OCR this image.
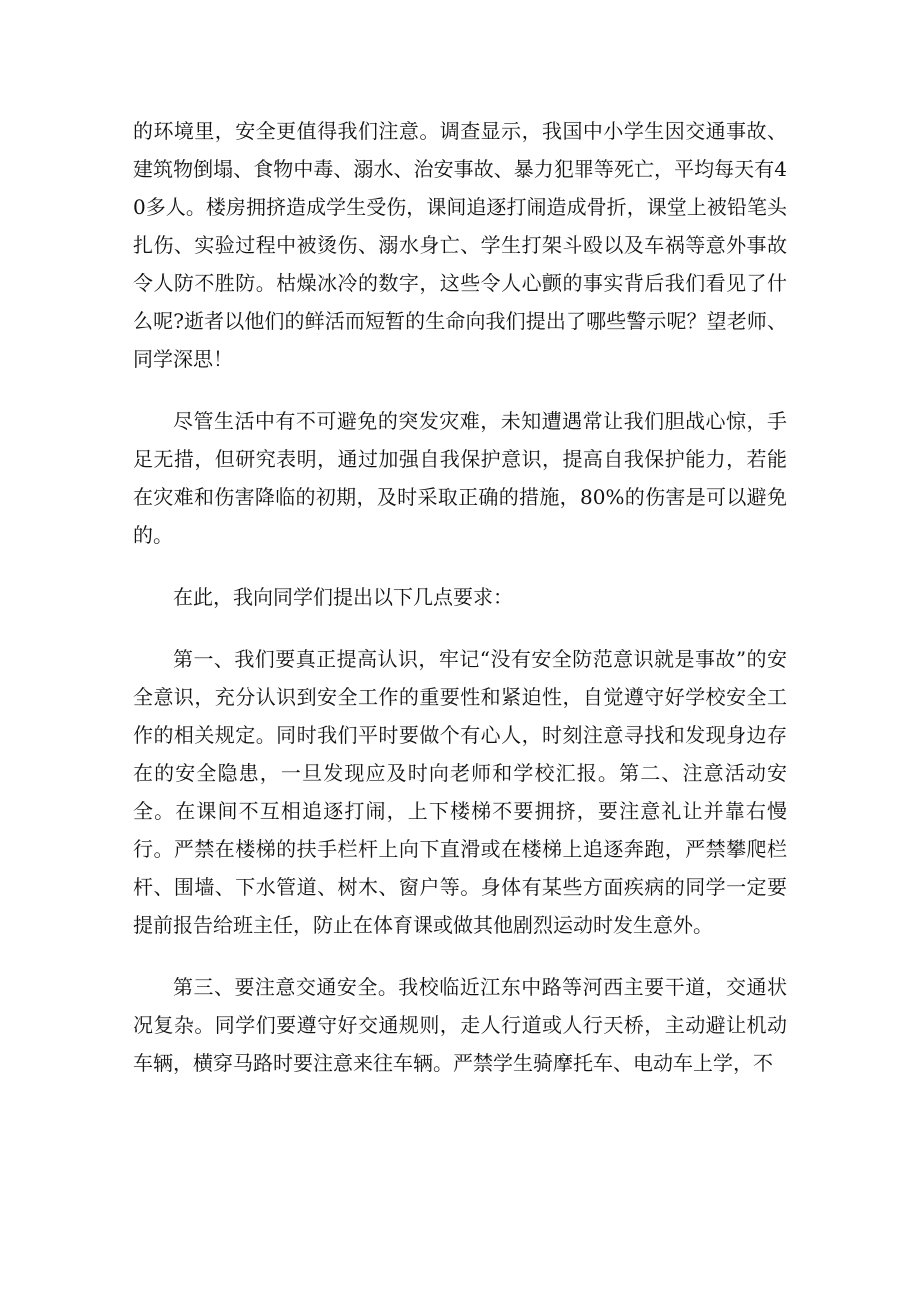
的环境里，安全更值得我们注意。调查显示，我国中小学生因交通事故、建筑物倒塌、食物中毒、溺水、治安事故、暴力犯罪等死亡，平均每天有40多人。楼房拥挤造成学生受伤，课间追逐打闹造成骨折，课堂上被铅笔头扎伤、实验过程中被烫伤、溺水身亡、学生打架斗殴以及车祸等意外事故令人防不胜防。枯燥冰冷的数字，这些令人心颤的事实背后我们看见了什么呢?逝者以他们的鲜活而短暂的生命向我们提出了哪些警示呢？望老师、同学深思！

尽管生活中有不可避免的突发灾难，未知遭遇常让我们胆战心惊，手足无措，但研究表明，通过加强自我保护意识，提高自我保护能力，若能在灾难和伤害降临的初期，及时采取正确的措施，80%的伤害是可以避免的。

在此，我向同学们提出以下几点要求：

第一、我们要真正提高认识，牢记“没有安全防范意识就是事故”的安全意识，充分认识到安全工作的重要性和紧迫性，自觉遵守好学校安全工作的相关规定。同时我们平时要做个有心人，时刻注意寻找和发现身边存在的安全隐患，一旦发现应及时向老师和学校汇报。第二、注意活动安全。在课间不互相追逐打闹，上下楼梯不要拥挤，要注意礼让并靠右慢行。严禁在楼梯的扶手栏杆上向下直滑或在楼梯上追逐奔跑，严禁攀爬栏杆、围墙、下水管道、树木、窗户等。身体有某些方面疾病的同学一定要提前报告给班主任，防止在体育课或做其他剧烈运动时发生意外。

第三、要注意交通安全。我校临近江东中路等河西主要干道，交通状况复杂。同学们要遵守好交通规则，走人行道或人行天桥，主动避让机动车辆，横穿马路时要注意来往车辆。严禁学生骑摩托车、电动车上学，不
